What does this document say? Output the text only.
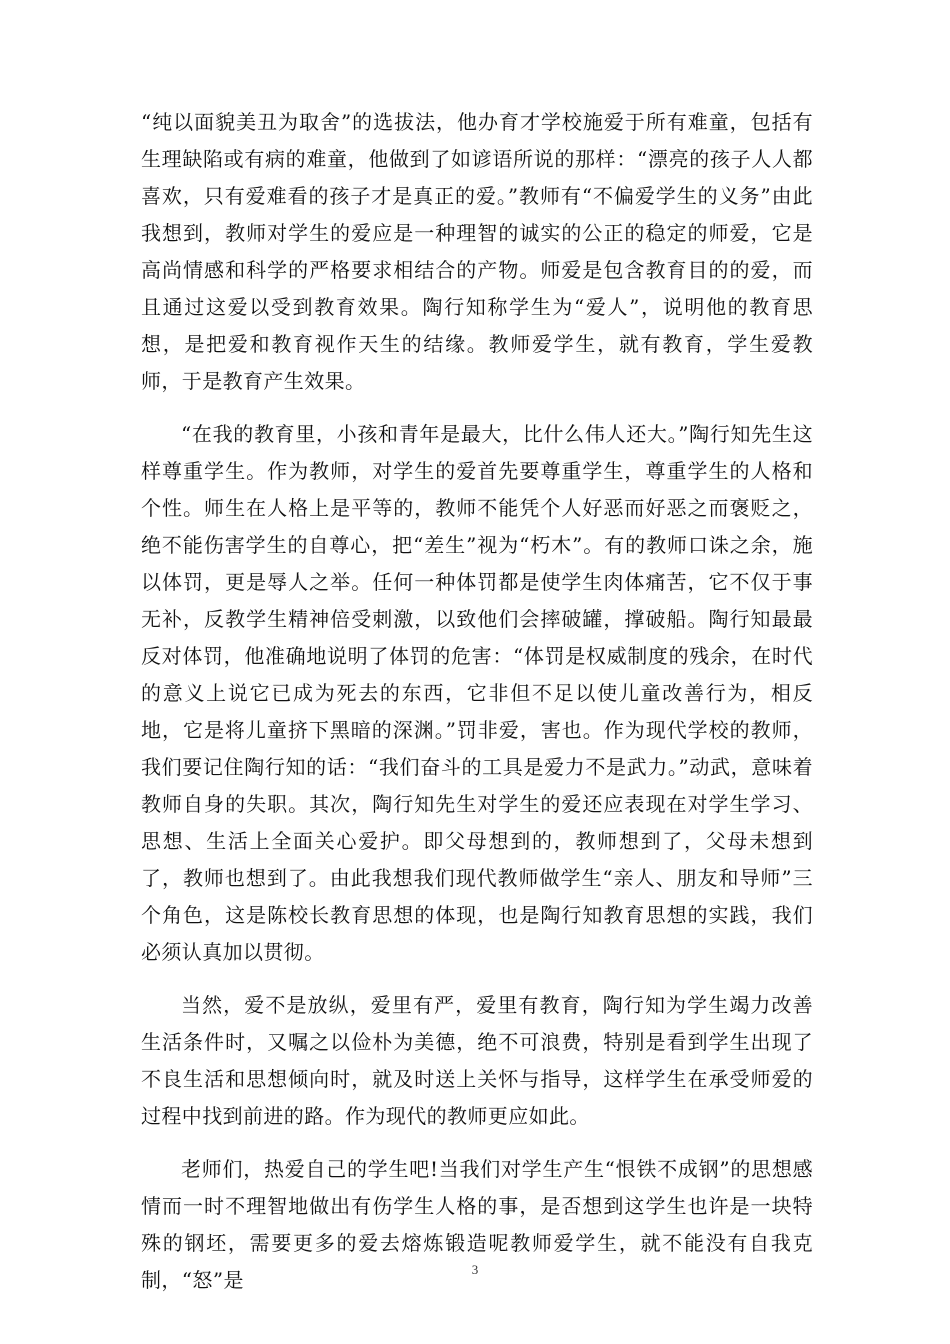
“纯以面貌美丑为取舍”的选拔法，他办育才学校施爱于所有难童，包括有生理缺陷或有病的难童，他做到了如谚语所说的那样：“漂亮的孩子人人都喜欢，只有爱难看的孩子才是真正的爱。”教师有“不偏爱学生的义务”由此我想到，教师对学生的爱应是一种理智的诚实的公正的稳定的师爱，它是高尚情感和科学的严格要求相结合的产物。师爱是包含教育目的的爱，而且通过这爱以受到教育效果。陶行知称学生为“爱人”，说明他的教育思想，是把爱和教育视作天生的结缘。教师爱学生，就有教育，学生爱教师，于是教育产生效果。

“在我的教育里，小孩和青年是最大，比什么伟人还大。”陶行知先生这样尊重学生。作为教师，对学生的爱首先要尊重学生，尊重学生的人格和个性。师生在人格上是平等的，教师不能凭个人好恶而好恶之而褒贬之，绝不能伤害学生的自尊心，把“差生”视为“朽木”。有的教师口诛之余，施以体罚，更是辱人之举。任何一种体罚都是使学生肉体痛苦，它不仅于事无补，反教学生精神倍受刺激，以致他们会摔破罐，撑破船。陶行知最最反对体罚，他准确地说明了体罚的危害：“体罚是权威制度的残余，在时代的意义上说它已成为死去的东西，它非但不足以使儿童改善行为，相反地，它是将儿童挤下黑暗的深渊。”罚非爱，害也。作为现代学校的教师，我们要记住陶行知的话：“我们奋斗的工具是爱力不是武力。”动武，意味着教师自身的失职。其次，陶行知先生对学生的爱还应表现在对学生学习、思想、生活上全面关心爱护。即父母想到的，教师想到了，父母未想到了，教师也想到了。由此我想我们现代教师做学生“亲人、朋友和导师”三个角色，这是陈校长教育思想的体现，也是陶行知教育思想的实践，我们必须认真加以贯彻。

当然，爱不是放纵，爱里有严，爱里有教育，陶行知为学生竭力改善生活条件时，又嘱之以俭朴为美德，绝不可浪费，特别是看到学生出现了不良生活和思想倾向时，就及时送上关怀与指导，这样学生在承受师爱的过程中找到前进的路。作为现代的教师更应如此。

老师们，热爱自己的学生吧!当我们对学生产生“恨铁不成钢”的思想感情而一时不理智地做出有伤学生人格的事，是否想到这学生也许是一块特殊的钢坯，需要更多的爱去熔炼锻造呢教师爱学生，就不能没有自我克制，“怒”是	3
